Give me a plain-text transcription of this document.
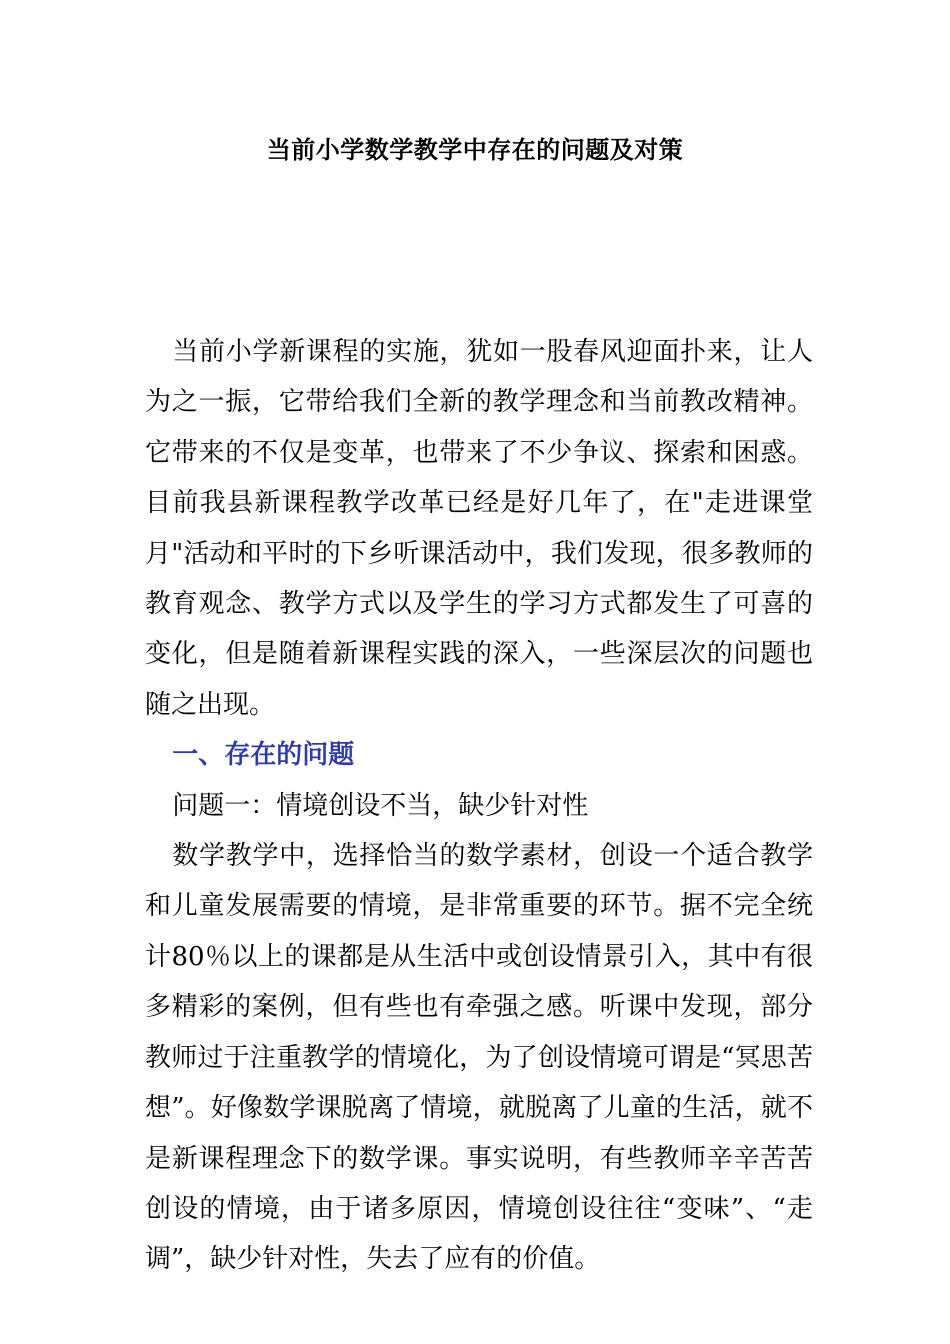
当前小学数学教学中存在的问题及对策

当前小学新课程的实施，犹如一股春风迎面扑来，让人为之一振，它带给我们全新的教学理念和当前教改精神。它带来的不仅是变革，也带来了不少争议、探索和困惑。目前我县新课程教学改革已经是好几年了，在"走进课堂月"活动和平时的下乡听课活动中，我们发现，很多教师的教育观念、教学方式以及学生的学习方式都发生了可喜的变化，但是随着新课程实践的深入，一些深层次的问题也随之出现。

一、存在的问题

问题一：情境创设不当，缺少针对性

数学教学中，选择恰当的数学素材，创设一个适合教学和儿童发展需要的情境，是非常重要的环节。据不完全统计80％以上的课都是从生活中或创设情景引入，其中有很多精彩的案例，但有些也有牵强之感。听课中发现，部分教师过于注重教学的情境化，为了创设情境可谓是“冥思苦想”。好像数学课脱离了情境，就脱离了儿童的生活，就不是新课程理念下的数学课。事实说明，有些教师辛辛苦苦创设的情境，由于诸多原因，情境创设往往“变味”、“走调”，缺少针对性，失去了应有的价值。
